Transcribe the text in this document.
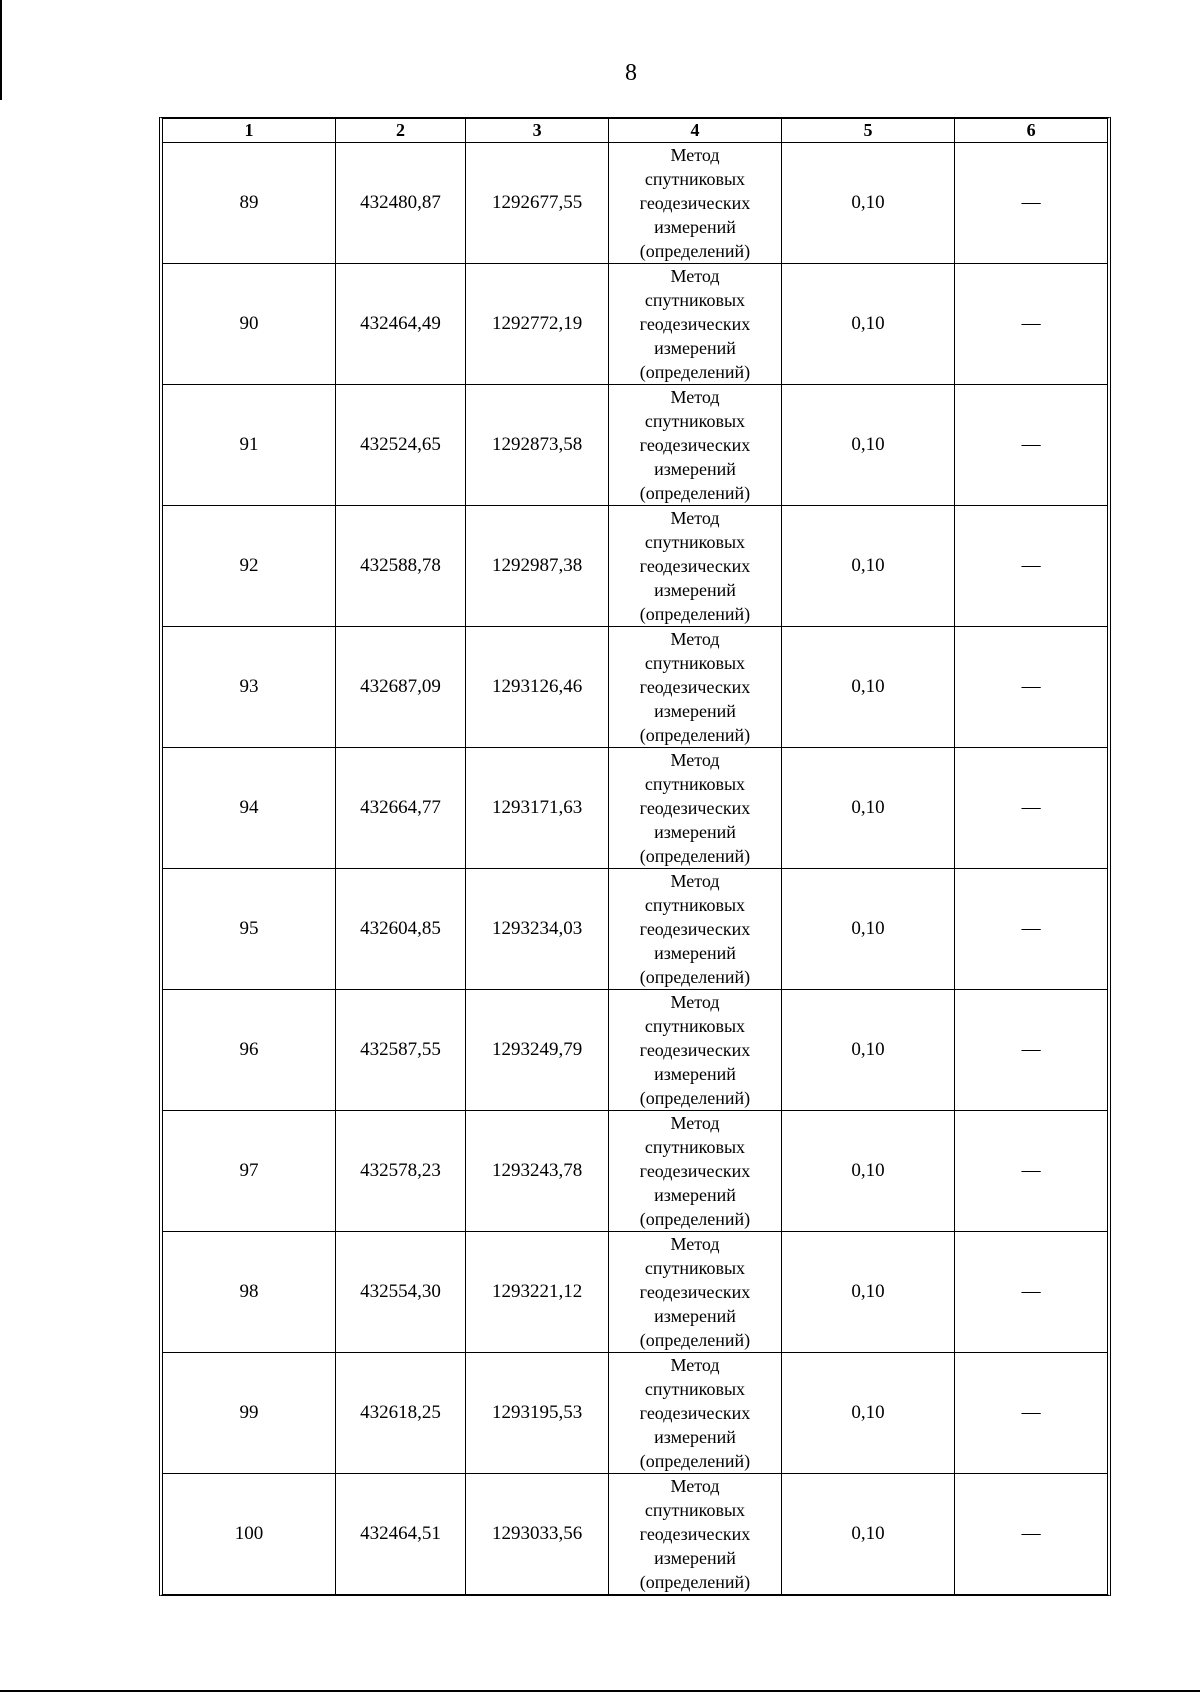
8
1	2	3	4	5	6
89	432480,87	1292677,55	Метод
спутниковых
геодезических
измерений
(определений)	0,10	—
90	432464,49	1292772,19	Метод
спутниковых
геодезических
измерений
(определений)	0,10	—
91	432524,65	1292873,58	Метод
спутниковых
геодезических
измерений
(определений)	0,10	—
92	432588,78	1292987,38	Метод
спутниковых
геодезических
измерений
(определений)	0,10	—
93	432687,09	1293126,46	Метод
спутниковых
геодезических
измерений
(определений)	0,10	—
94	432664,77	1293171,63	Метод
спутниковых
геодезических
измерений
(определений)	0,10	—
95	432604,85	1293234,03	Метод
спутниковых
геодезических
измерений
(определений)	0,10	—
96	432587,55	1293249,79	Метод
спутниковых
геодезических
измерений
(определений)	0,10	—
97	432578,23	1293243,78	Метод
спутниковых
геодезических
измерений
(определений)	0,10	—
98	432554,30	1293221,12	Метод
спутниковых
геодезических
измерений
(определений)	0,10	—
99	432618,25	1293195,53	Метод
спутниковых
геодезических
измерений
(определений)	0,10	—
100	432464,51	1293033,56	Метод
спутниковых
геодезических
измерений
(определений)	0,10	—
